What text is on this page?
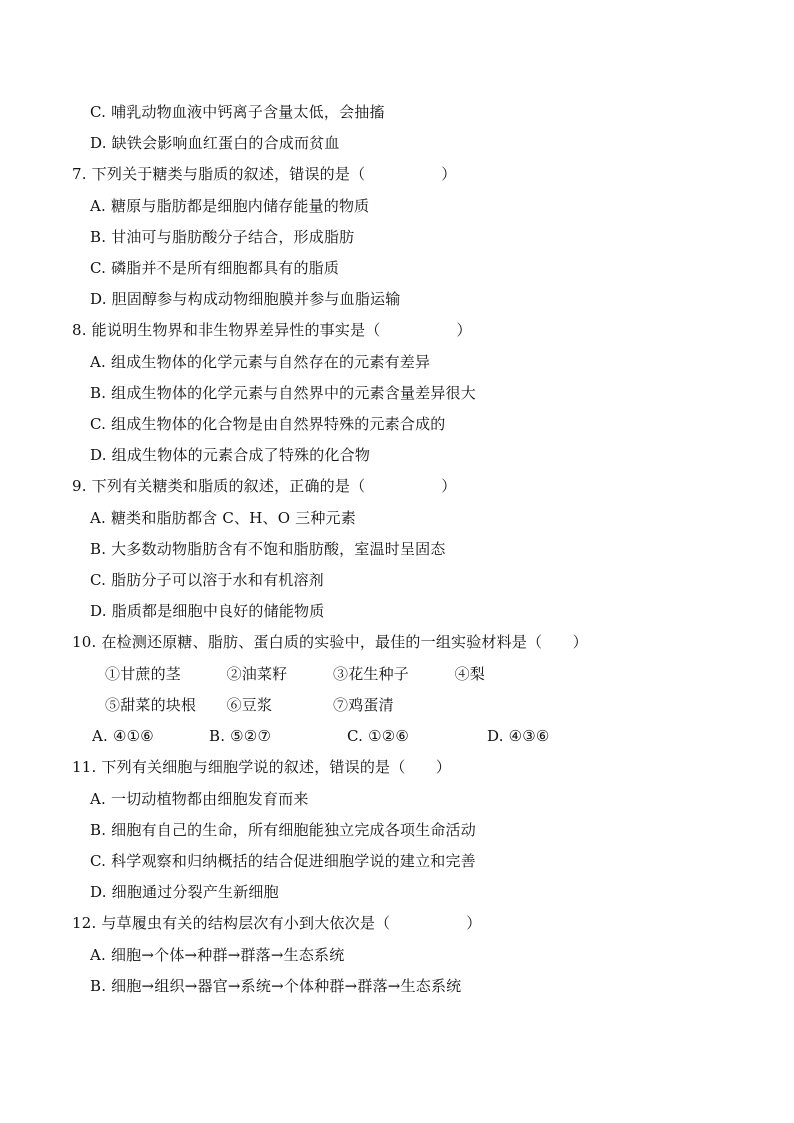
C. 哺乳动物血液中钙离子含量太低，会抽搐
D. 缺铁会影响血红蛋白的合成而贫血
7. 下列关于糖类与脂质的叙述，错误的是（　　　　　）
A. 糖原与脂肪都是细胞内储存能量的物质
B. 甘油可与脂肪酸分子结合，形成脂肪
C. 磷脂并不是所有细胞都具有的脂质
D. 胆固醇参与构成动物细胞膜并参与血脂运输
8. 能说明生物界和非生物界差异性的事实是（　　　　　）
A. 组成生物体的化学元素与自然存在的元素有差异
B. 组成生物体的化学元素与自然界中的元素含量差异很大
C. 组成生物体的化合物是由自然界特殊的元素合成的
D. 组成生物体的元素合成了特殊的化合物
9. 下列有关糖类和脂质的叙述，正确的是（　　　　　）
A. 糖类和脂肪都含 C、H、O 三种元素
B. 大多数动物脂肪含有不饱和脂肪酸，室温时呈固态
C. 脂肪分子可以溶于水和有机溶剂
D. 脂质都是细胞中良好的储能物质
10. 在检测还原糖、脂肪、蛋白质的实验中，最佳的一组实验材料是（　　）
①甘蔗的茎　　　②油菜籽　　　③花生种子　　　④梨
⑤甜菜的块根　　⑥豆浆　　　　⑦鸡蛋清

A. ④①⑥

	B. ⑤②⑦

	C. ①②⑥

	D. ④③⑥

11. 下列有关细胞与细胞学说的叙述，错误的是（　　）
A. 一切动植物都由细胞发育而来
B. 细胞有自己的生命，所有细胞能独立完成各项生命活动
C. 科学观察和归纳概括的结合促进细胞学说的建立和完善
D. 细胞通过分裂产生新细胞
12. 与草履虫有关的结构层次有小到大依次是（　　　　　）
A. 细胞→个体→种群→群落→生态系统
B. 细胞→组织→器官→系统→个体种群→群落→生态系统
